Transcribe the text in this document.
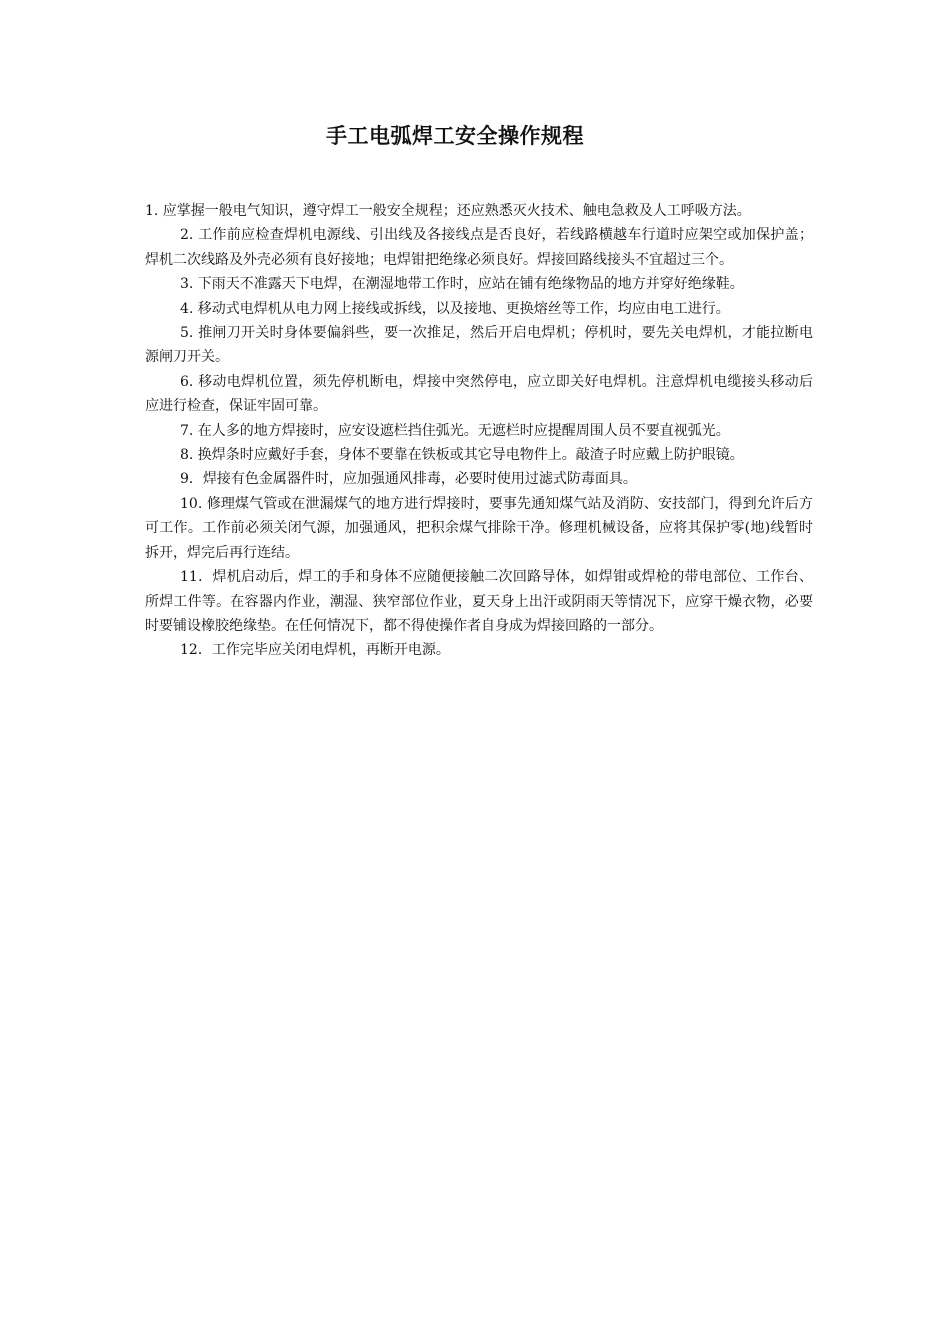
手工电弧焊工安全操作规程

1. 应掌握一般电气知识，遵守焊工一般安全规程；还应熟悉灭火技术、触电急救及人工呼吸方法。

2. 工作前应检查焊机电源线、引出线及各接线点是否良好，若线路横越车行道时应架空或加保护盖；焊机二次线路及外壳必须有良好接地；电焊钳把绝缘必须良好。焊接回路线接头不宜超过三个。

3. 下雨天不准露天下电焊，在潮湿地带工作时，应站在铺有绝缘物品的地方并穿好绝缘鞋。

4. 移动式电焊机从电力网上接线或拆线，以及接地、更换熔丝等工作，均应由电工进行。

5. 推闸刀开关时身体要偏斜些，要一次推足，然后开启电焊机；停机时，要先关电焊机，才能拉断电源闸刀开关。

6. 移动电焊机位置，须先停机断电，焊接中突然停电，应立即关好电焊机。注意焊机电缆接头移动后应进行检查，保证牢固可靠。

7. 在人多的地方焊接时，应安设遮栏挡住弧光。无遮栏时应提醒周围人员不要直视弧光。

8. 换焊条时应戴好手套，身体不要靠在铁板或其它导电物件上。敲渣子时应戴上防护眼镜。

9．焊接有色金属器件时，应加强通风排毒，必要时使用过滤式防毒面具。

10. 修理煤气管或在泄漏煤气的地方进行焊接时，要事先通知煤气站及消防、安技部门，得到允许后方可工作。工作前必须关闭气源，加强通风，把积余煤气排除干净。修理机械设备，应将其保护零(地)线暂时拆开，焊完后再行连结。

11．焊机启动后，焊工的手和身体不应随便接触二次回路导体，如焊钳或焊枪的带电部位、工作台、所焊工件等。在容器内作业，潮湿、狭窄部位作业，夏天身上出汗或阴雨天等情况下，应穿干燥衣物，必要时要铺设橡胶绝缘垫。在任何情况下，都不得使操作者自身成为焊接回路的一部分。

12．工作完毕应关闭电焊机，再断开电源。
